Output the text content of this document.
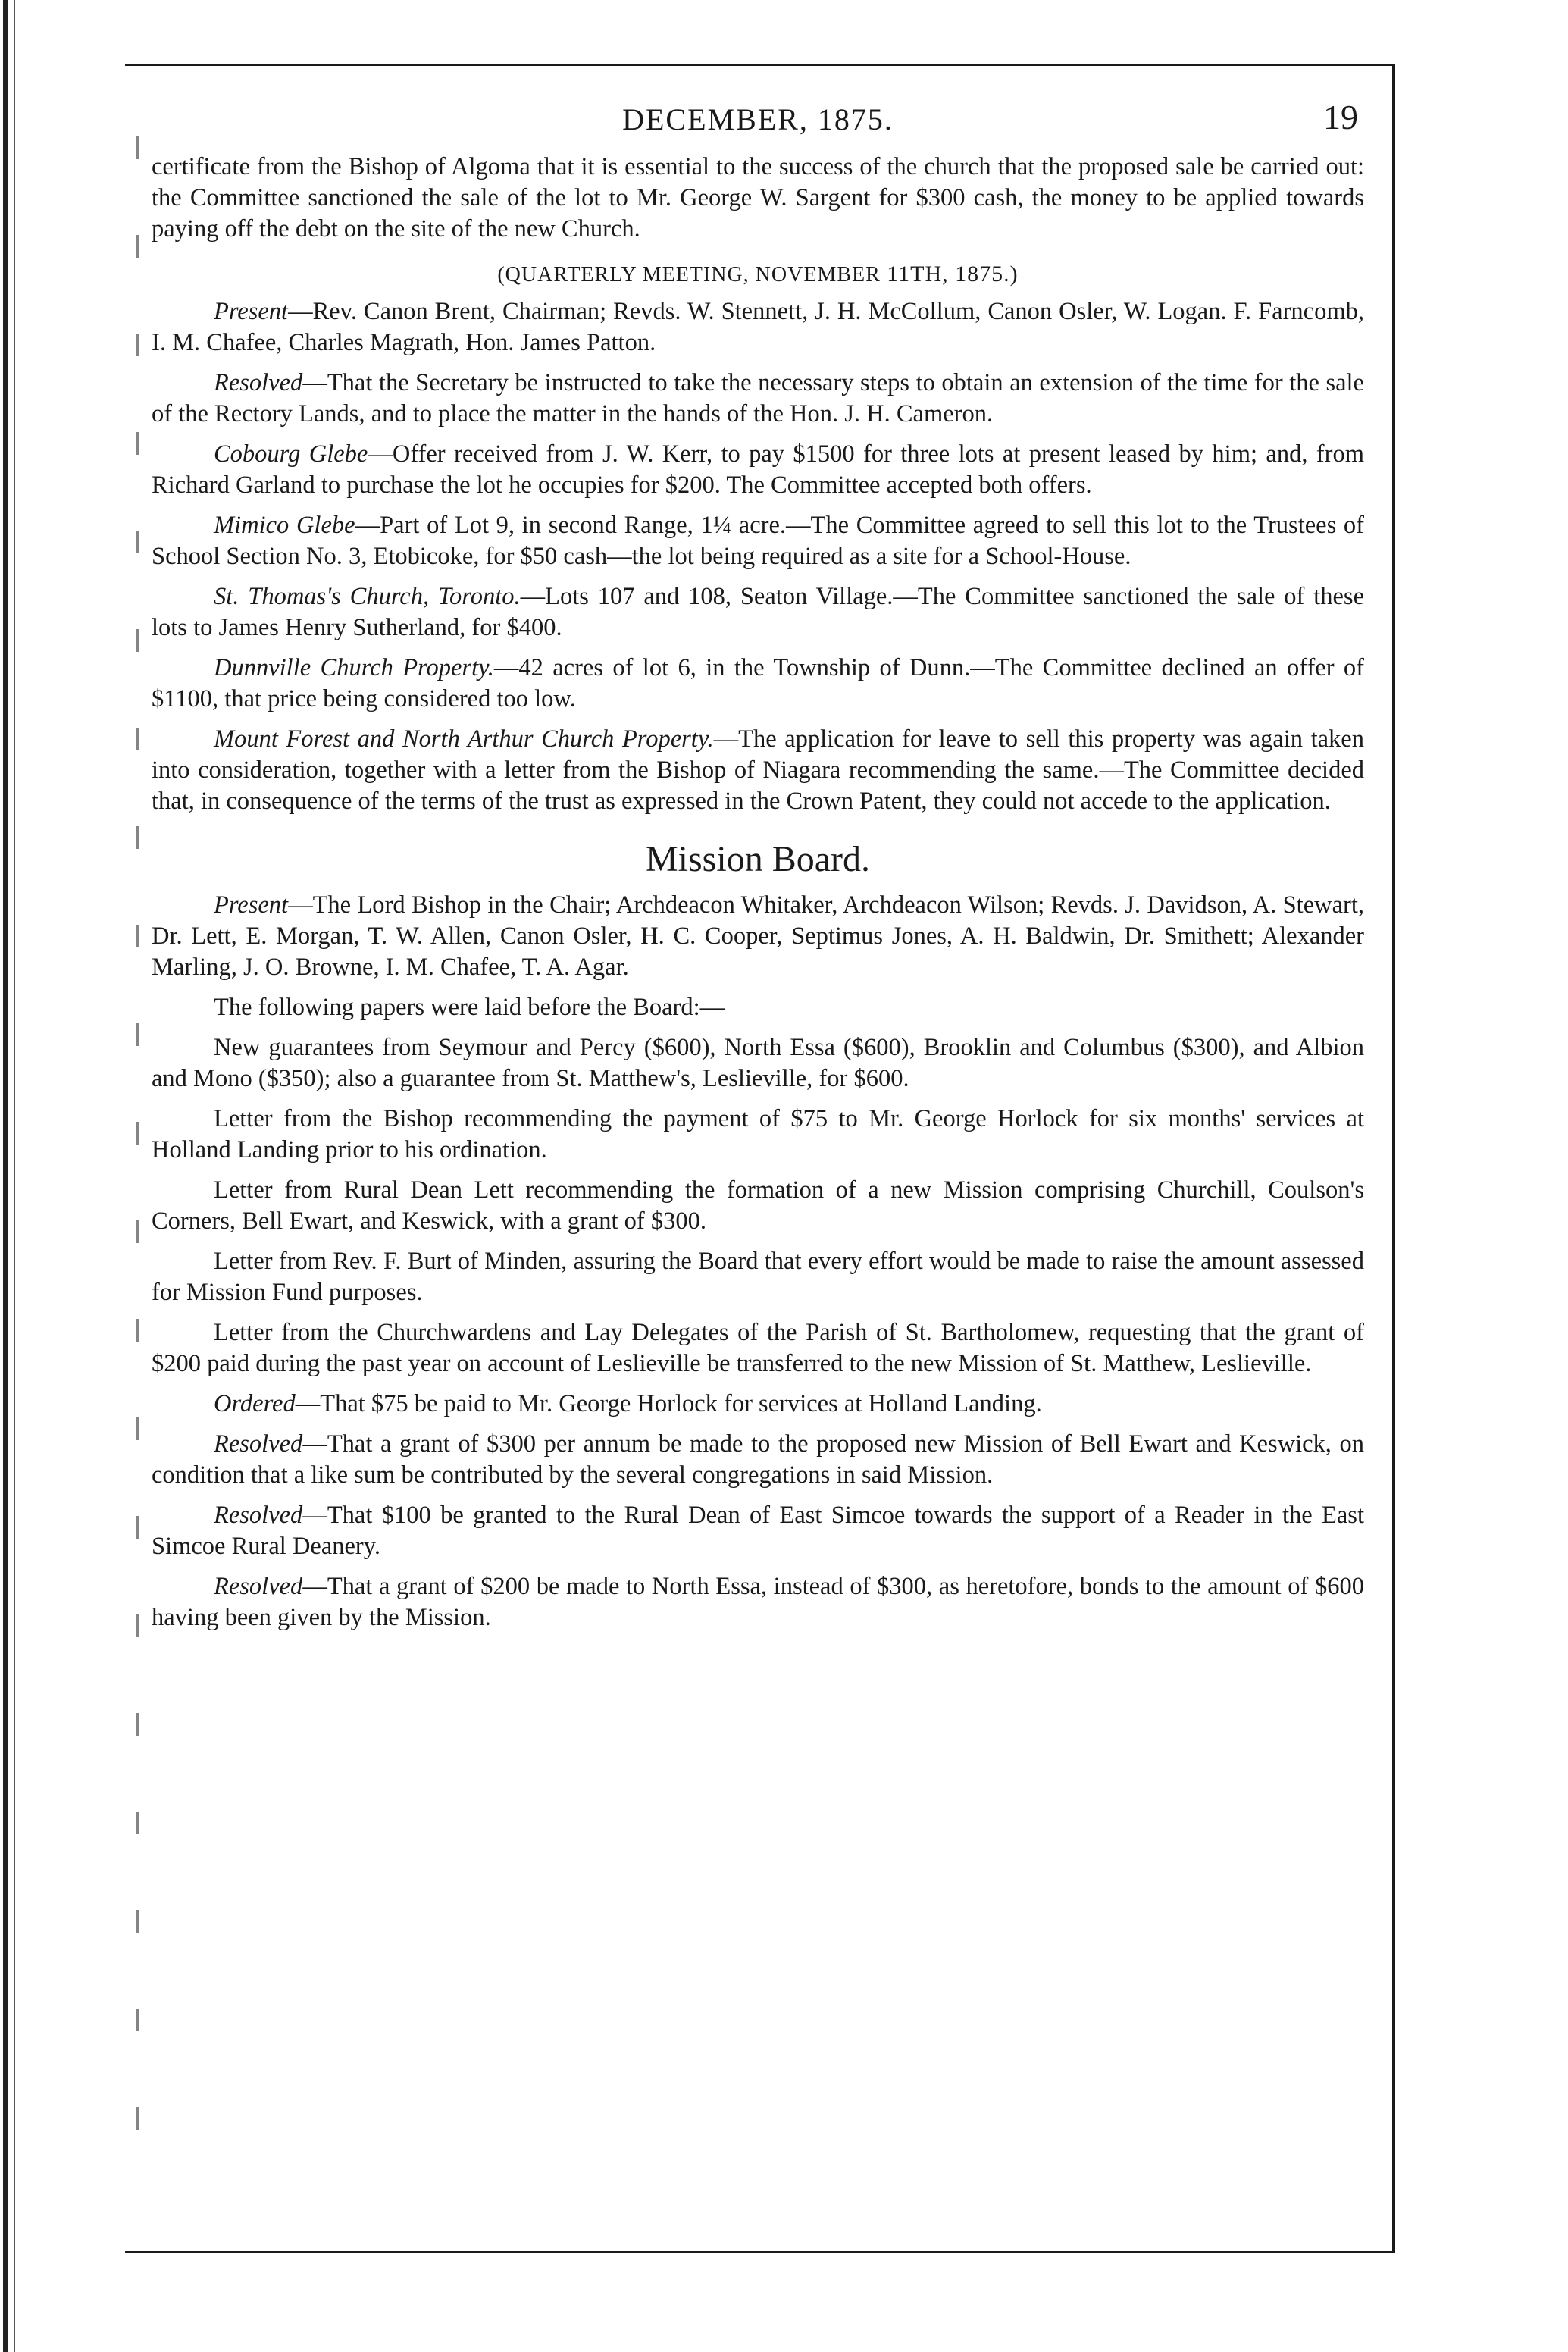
DECEMBER, 1875.	19

certificate from the Bishop of Algoma that it is essential to the success of the church that the proposed sale be carried out: the Committee sanctioned the sale of the lot to Mr. George W. Sargent for $300 cash, the money to be applied towards paying off the debt on the site of the new Church.

(QUARTERLY MEETING, NOVEMBER 11TH, 1875.)

Present—Rev. Canon Brent, Chairman; Revds. W. Stennett, J. H. McCollum, Canon Osler, W. Logan. F. Farncomb, I. M. Chafee, Charles Magrath, Hon. James Patton.

Resolved—That the Secretary be instructed to take the necessary steps to obtain an extension of the time for the sale of the Rectory Lands, and to place the matter in the hands of the Hon. J. H. Cameron.

Cobourg Glebe—Offer received from J. W. Kerr, to pay $1500 for three lots at present leased by him; and, from Richard Garland to purchase the lot he occupies for $200. The Committee accepted both offers.

Mimico Glebe—Part of Lot 9, in second Range, 1¼ acre.—The Committee agreed to sell this lot to the Trustees of School Section No. 3, Etobicoke, for $50 cash—the lot being required as a site for a School-House.

St. Thomas's Church, Toronto.—Lots 107 and 108, Seaton Village.—The Committee sanctioned the sale of these lots to James Henry Sutherland, for $400.

Dunnville Church Property.—42 acres of lot 6, in the Township of Dunn.—The Committee declined an offer of $1100, that price being considered too low.

Mount Forest and North Arthur Church Property.—The application for leave to sell this property was again taken into consideration, together with a letter from the Bishop of Niagara recommending the same.—The Committee decided that, in consequence of the terms of the trust as expressed in the Crown Patent, they could not accede to the application.

Mission Board.

Present—The Lord Bishop in the Chair; Archdeacon Whitaker, Archdeacon Wilson; Revds. J. Davidson, A. Stewart, Dr. Lett, E. Morgan, T. W. Allen, Canon Osler, H. C. Cooper, Septimus Jones, A. H. Baldwin, Dr. Smithett; Alexander Marling, J. O. Browne, I. M. Chafee, T. A. Agar.

The following papers were laid before the Board:—

New guarantees from Seymour and Percy ($600), North Essa ($600), Brooklin and Columbus ($300), and Albion and Mono ($350); also a guarantee from St. Matthew's, Leslieville, for $600.

Letter from the Bishop recommending the payment of $75 to Mr. George Horlock for six months' services at Holland Landing prior to his ordination.

Letter from Rural Dean Lett recommending the formation of a new Mission comprising Churchill, Coulson's Corners, Bell Ewart, and Keswick, with a grant of $300.

Letter from Rev. F. Burt of Minden, assuring the Board that every effort would be made to raise the amount assessed for Mission Fund purposes.

Letter from the Churchwardens and Lay Delegates of the Parish of St. Bartholomew, requesting that the grant of $200 paid during the past year on account of Leslieville be transferred to the new Mission of St. Matthew, Leslieville.

Ordered—That $75 be paid to Mr. George Horlock for services at Holland Landing.

Resolved—That a grant of $300 per annum be made to the proposed new Mission of Bell Ewart and Keswick, on condition that a like sum be contributed by the several congregations in said Mission.

Resolved—That $100 be granted to the Rural Dean of East Simcoe towards the support of a Reader in the East Simcoe Rural Deanery.

Resolved—That a grant of $200 be made to North Essa, instead of $300, as heretofore, bonds to the amount of $600 having been given by the Mission.
